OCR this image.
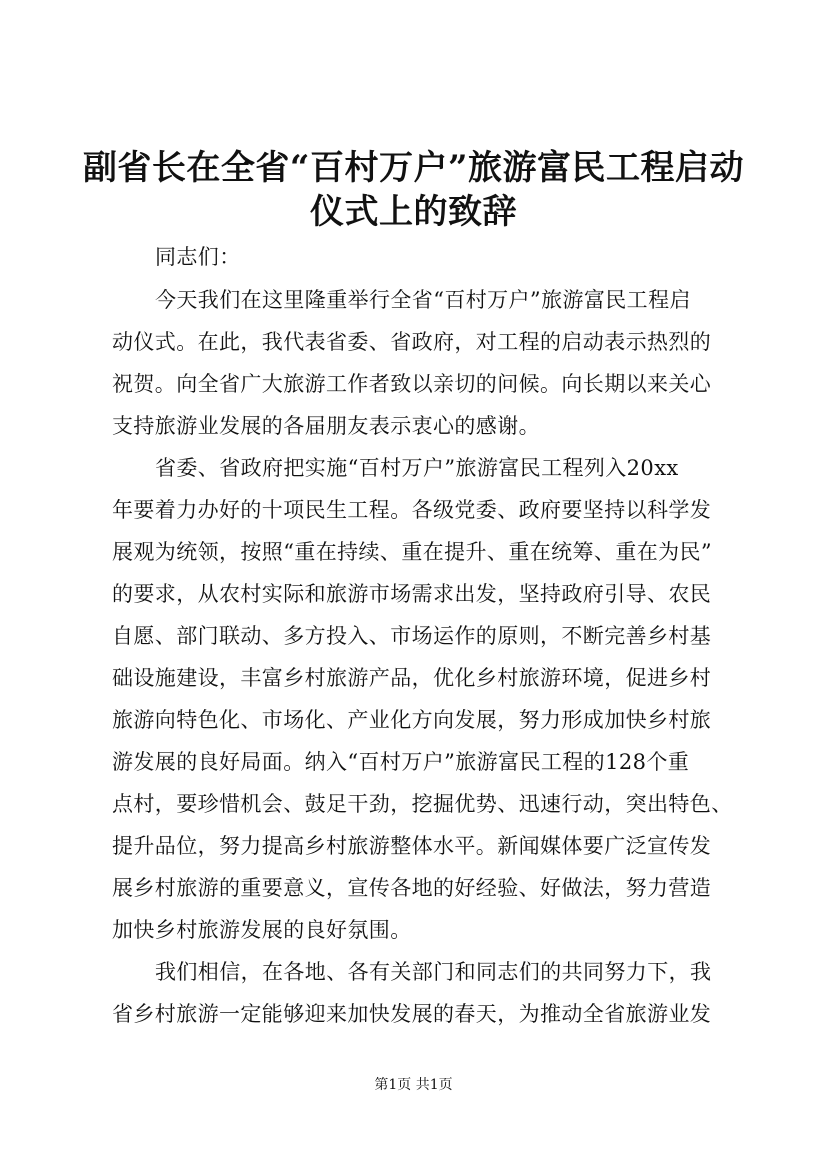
副省长在全省“百村万户”旅游富民工程启动
仪式上的致辞
同志们：
今天我们在这里隆重举行全省“百村万户”旅游富民工程启
动仪式。在此，我代表省委、省政府，对工程的启动表示热烈的
祝贺。向全省广大旅游工作者致以亲切的问候。向长期以来关心
支持旅游业发展的各届朋友表示衷心的感谢。
省委、省政府把实施“百村万户”旅游富民工程列入20xx
年要着力办好的十项民生工程。各级党委、政府要坚持以科学发
展观为统领，按照“重在持续、重在提升、重在统筹、重在为民”
的要求，从农村实际和旅游市场需求出发，坚持政府引导、农民
自愿、部门联动、多方投入、市场运作的原则，不断完善乡村基
础设施建设，丰富乡村旅游产品，优化乡村旅游环境，促进乡村
旅游向特色化、市场化、产业化方向发展，努力形成加快乡村旅
游发展的良好局面。纳入“百村万户”旅游富民工程的128个重
点村，要珍惜机会、鼓足干劲，挖掘优势、迅速行动，突出特色、
提升品位，努力提高乡村旅游整体水平。新闻媒体要广泛宣传发
展乡村旅游的重要意义，宣传各地的好经验、好做法，努力营造
加快乡村旅游发展的良好氛围。
我们相信，在各地、各有关部门和同志们的共同努力下，我
省乡村旅游一定能够迎来加快发展的春天，为推动全省旅游业发
第1页 共1页
